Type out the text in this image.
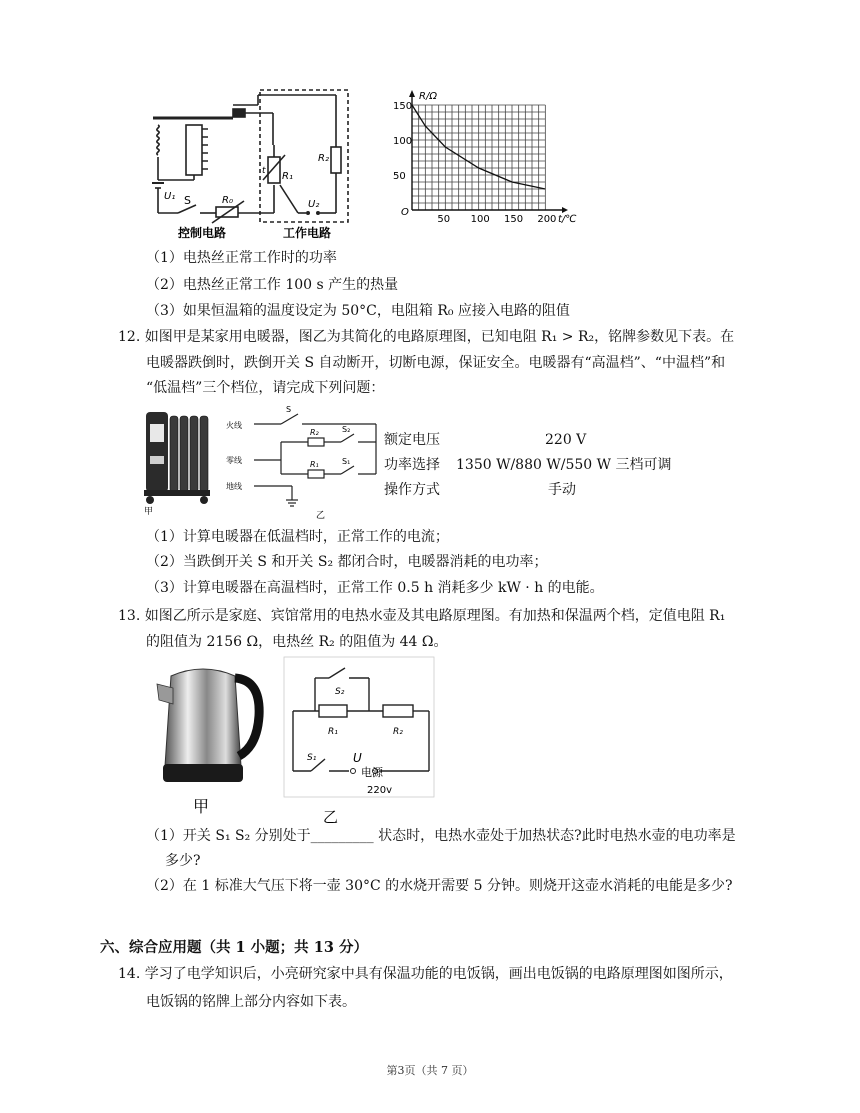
U₁ S	R₀
t R₁
R₂
U₂
控制电路	工作电路
R/Ω
t/℃
O
150
100
50
50 100 150 200
（1）电热丝正常工作时的功率
（2）电热丝正常工作 100 s 产生的热量
（3）如果恒温箱的温度设定为 50°C，电阻箱 R₀ 应接入电路的阻值
12. 如图甲是某家用电暖器，图乙为其简化的电路原理图，已知电阻 R₁ > R₂，铭牌参数见下表。在
电暖器跌倒时，跌倒开关 S 自动断开，切断电源，保证安全。电暖器有“高温档”、“中温档”和
“低温档”三个档位，请完成下列问题：
甲
火线
零线
地线
S
R₂	S₂
R₁	S₁
乙
额定电压	220 V
功率选择 1350 W/880 W/550 W 三档可调
操作方式	手动
（1）计算电暖器在低温档时，正常工作的电流；
（2）当跌倒开关 S 和开关 S₂ 都闭合时，电暖器消耗的电功率；
（3）计算电暖器在高温档时，正常工作 0.5 h 消耗多少 kW · h 的电能。
13. 如图乙所示是家庭、宾馆常用的电热水壶及其电路原理图。有加热和保温两个档，定值电阻 R₁
的阻值为 2156 Ω，电热丝 R₂ 的阻值为 44 Ω。
甲
S₂
R₁	R₂
S₁	U
电源
220v
乙
（1）开关 S₁ S₂ 分别处于_________ 状态时，电热水壶处于加热状态?此时电热水壶的电功率是
多少?
（2）在 1 标准大气压下将一壶 30°C 的水烧开需要 5 分钟。则烧开这壶水消耗的电能是多少?
六、综合应用题（共 1 小题；共 13 分）
14. 学习了电学知识后，小亮研究家中具有保温功能的电饭锅，画出电饭锅的电路原理图如图所示，
电饭锅的铭牌上部分内容如下表。
第3页（共 7 页）
